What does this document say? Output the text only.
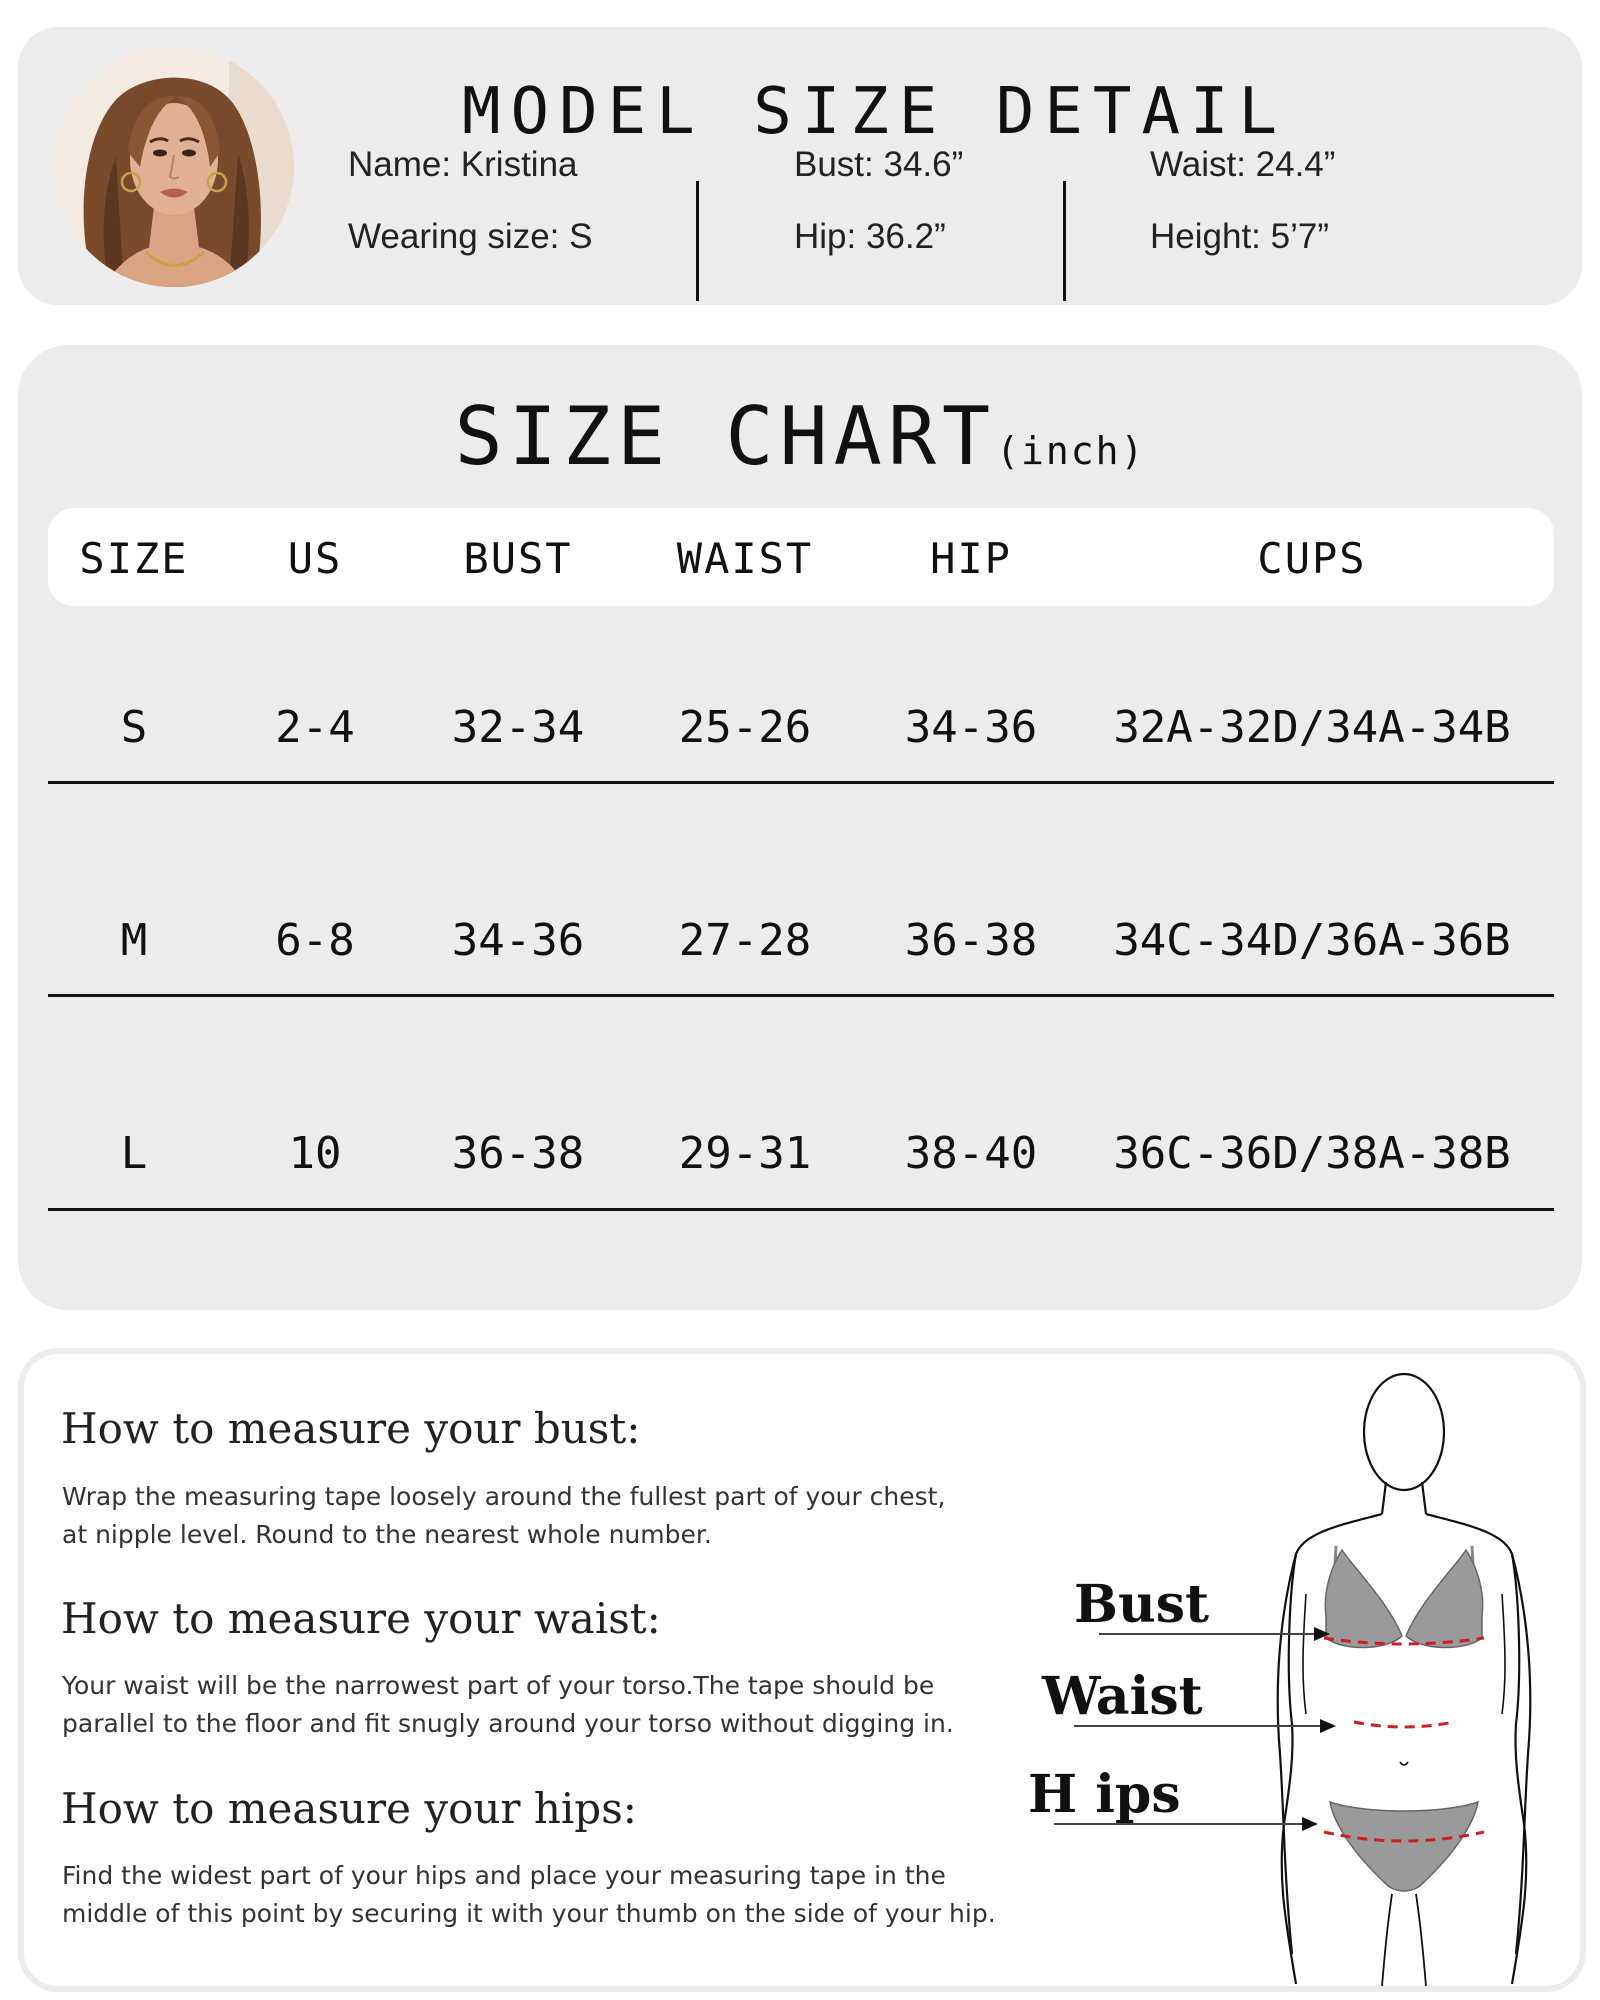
MODEL SIZE DETAIL
Name: Kristina
Wearing size: S
Bust: 34.6”
Hip: 36.2”
Waist: 24.4”
Height: 5’7”
SIZE CHART(inch)
SIZE US	BUST WAIST	HIP	CUPS
S	2-4 32-34 25-26 34-36 32A-32D/34A-34B
M	6-8 34-36 27-28 36-38 34C-34D/36A-36B
L	10	36-38 29-31 38-40 36C-36D/38A-38B
How to measure your bust:

Wrap the measuring tape loosely around the fullest part of your chest,
at nipple level. Round to the nearest whole number.

How to measure your waist:

Your waist will be the narrowest part of your torso.The tape should be
parallel to the floor and fit snugly around your torso without digging in.

How to measure your hips:

Find the widest part of your hips and place your measuring tape in the
middle of this point by securing it with your thumb on the side of your hip.

Bust
Waist
H ips
